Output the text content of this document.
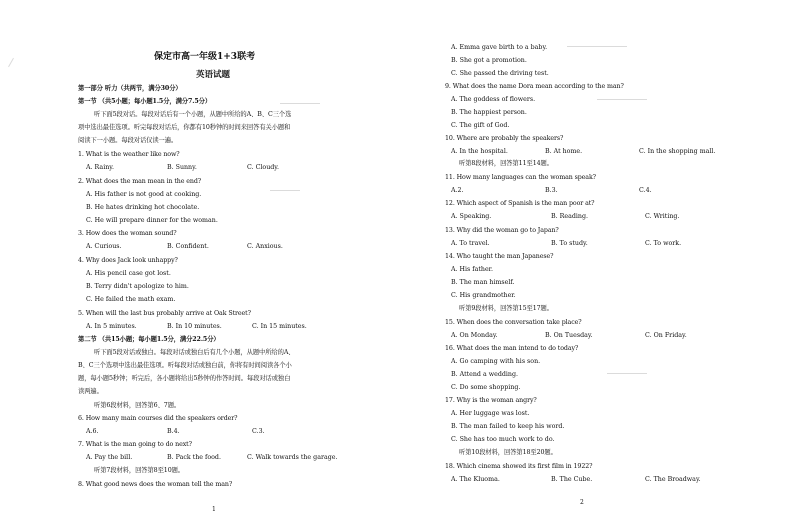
保定市高一年级1+3联考
英语试题
第一部分 听力（共两节，满分30分）
第一节 （共5小题；每小题1.5分，满分7.5分）
听下面5段对话。每段对话后有一个小题，从题中所给的A、B、C三个选
项中选出最佳选项。听完每段对话后，你都有10秒钟的时间来回答有关小题和
阅读下一小题。每段对话仅读一遍。
1. What is the weather like now?
A. Rainy.	B. Sunny.	C. Cloudy.
2. What does the man mean in the end?
A. His father is not good at cooking.
B. He hates drinking hot chocolate.
C. He will prepare dinner for the woman.
3. How does the woman sound?
A. Curious.	B. Confident.	C. Anxious.
4. Why does Jack look unhappy?
A. His pencil case got lost.
B. Terry didn't apologize to him.
C. He failed the math exam.
5. When will the last bus probably arrive at Oak Street?
A. In 5 minutes.	B. In 10 minutes.	C. In 15 minutes.
第二节 （共15小题；每小题1.5分，满分22.5分）
听下面5段对话或独白。每段对话或独白后有几个小题，从题中所给的A、
B、C三个选项中选出最佳选项。听每段对话或独白前，你将有时间阅读各个小
题，每小题5秒钟；听完后，各小题将给出5秒钟的作答时间。每段对话或独白
读两遍。
听第6段材料，回答第6、7题。
6. How many main courses did the speakers order?
A.6.	B.4.	C.3.
7. What is the man going to do next?
A. Pay the bill.	B. Pack the food.	C. Walk towards the garage.
听第7段材料，回答第8至10题。
8. What good news does the woman tell the man?
1
A. Emma gave birth to a baby.
B. She got a promotion.
C. She passed the driving test.
9. What does the name Dora mean according to the man?
A. The goddess of flowers.
B. The happiest person.
C. The gift of God.
10. Where are probably the speakers?
A. In the hospital.	B. At home.	C. In the shopping mall.
听第8段材料，回答第11至14题。
11. How many languages can the woman speak?
A.2.	B.3.	C.4.
12. Which aspect of Spanish is the man poor at?
A. Speaking.	B. Reading.	C. Writing.
13. Why did the woman go to Japan?
A. To travel.	B. To study.	C. To work.
14. Who taught the man Japanese?
A. His father.
B. The man himself.
C. His grandmother.
听第9段材料，回答第15至17题。
15. When does the conversation take place?
A. On Monday.	B. On Tuesday.	C. On Friday.
16. What does the man intend to do today?
A. Go camping with his son.
B. Attend a wedding.
C. Do some shopping.
17. Why is the woman angry?
A. Her luggage was lost.
B. The man failed to keep his word.
C. She has too much work to do.
听第10段材料，回答第18至20题。
18. Which cinema showed its first film in 1922?
A. The Kluoma.	B. The Cube.	C. The Broadway.
2
